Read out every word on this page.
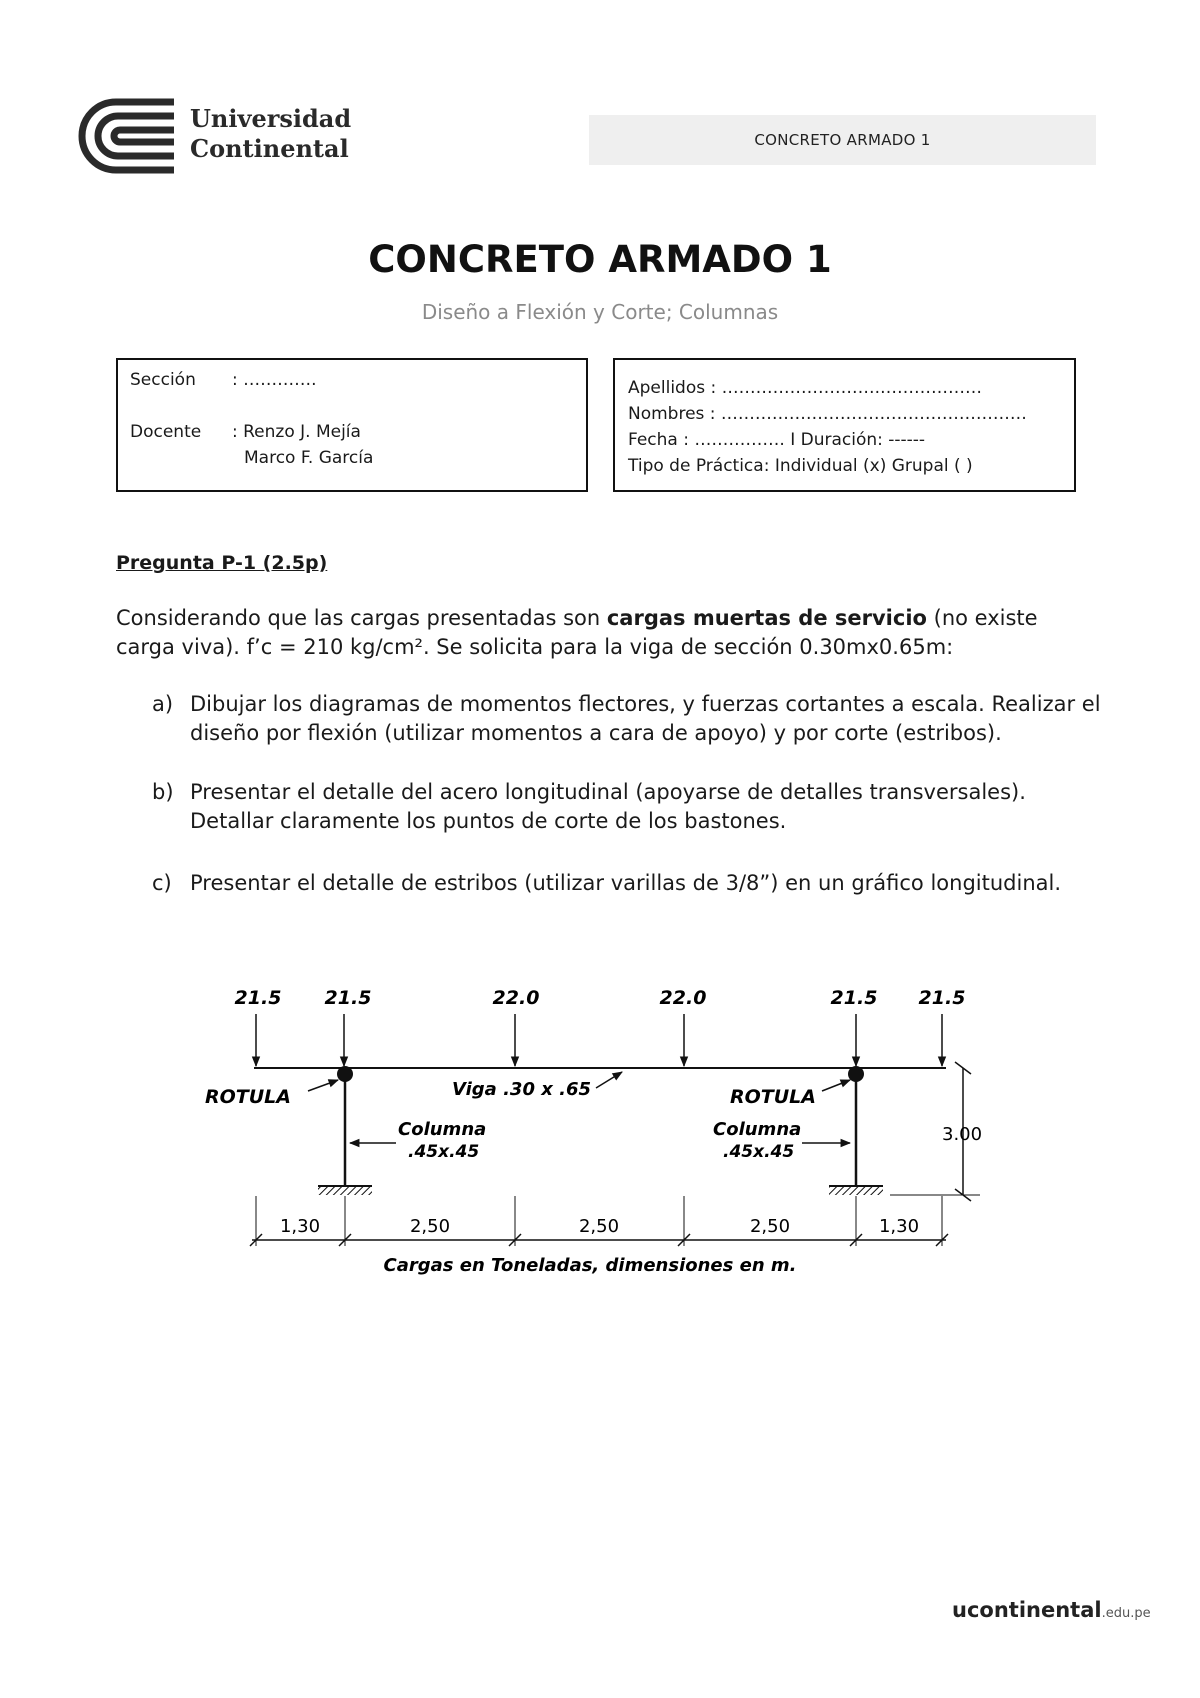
Universidad
Continental	CONCRETO ARMADO 1
CONCRETO ARMADO 1
Diseño a Flexión y Corte; Columnas
Sección : ………….
Docente : Renzo J. Mejía
Marco F. García
Apellidos : ……………………….………………
Nombres : ………………………………………………
Fecha : ……………. I Duración: ------
Tipo de Práctica: Individual (x) Grupal ( )
Pregunta P-1 (2.5p)
Considerando que las cargas presentadas son cargas muertas de servicio (no existe carga viva). f’c = 210 kg/cm². Se solicita para la viga de sección 0.30mx0.65m:
a) Dibujar los diagramas de momentos flectores, y fuerzas cortantes a escala. Realizar el diseño por flexión (utilizar momentos a cara de apoyo) y por corte (estribos).
b) Presentar el detalle del acero longitudinal (apoyarse de detalles transversales). Detallar claramente los puntos de corte de los bastones.
c) Presentar el detalle de estribos (utilizar varillas de 3/8”) en un gráfico longitudinal.
21.5 21.5	22.0	22.0	21.5 21.5
ROTULA	ROTULA
Viga .30 x .65
Columna
.45x.45
Columna
.45x.45
3.00
1,30	2,50	2,50	2,50	1,30
Cargas en Toneladas, dimensiones en m.
ucontinental.edu.pe
